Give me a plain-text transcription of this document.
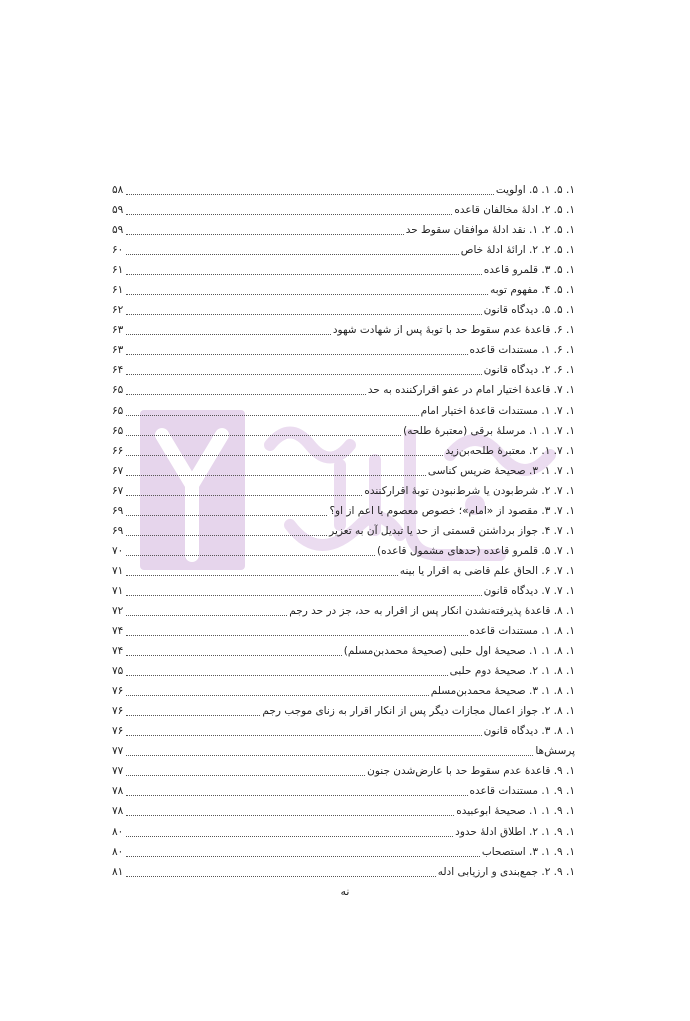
۱. ۵. ۱. ۵. اولویت
۵۸
۱. ۵. ۲. ادلهٔ مخالفان قاعده
۵۹
۱. ۵. ۲. ۱. نقد ادلهٔ موافقان سقوط حد
۵۹
۱. ۵. ۲. ۲. ارائهٔ ادلهٔ خاص
۶۰
۱. ۵. ۳. قلمرو قاعده
۶۱
۱. ۵. ۴. مفهوم توبه
۶۱
۱. ۵. ۵. دیدگاه قانون
۶۲
۱. ۶. قاعدهٔ عدم سقوط حد با توبهٔ پس از شهادت شهود
۶۳
۱. ۶. ۱. مستندات قاعده
۶۳
۱. ۶. ۲. دیدگاه قانون
۶۴
۱. ۷. قاعدهٔ اختیار امام در عفو اقرارکننده به حد
۶۵
۱. ۷. ۱. مستندات قاعدهٔ اختیار امام
۶۵
۱. ۷. ۱. ۱. مرسلهٔ برقی (معتبرهٔ طلحه)
۶۵
۱. ۷. ۱. ۲. معتبرهٔ طلحه‌بن‌زید
۶۶
۱. ۷. ۱. ۳. صحیحهٔ ضریس کناسی
۶۷
۱. ۷. ۲. شرط‌بودن یا شرط‌نبودن توبهٔ اقرارکننده
۶۷
۱. ۷. ۳. مقصود از «امام»؛ خصوص معصوم یا اعم از او؟
۶۹
۱. ۷. ۴. جواز برداشتن قسمتی از حد یا تبدیل آن به تعزیر
۶۹
۱. ۷. ۵. قلمرو قاعده (حدهای مشمول قاعده)
۷۰
۱. ۷. ۶. الحاق علم قاضی به اقرار یا بینه
۷۱
۱. ۷. ۷. دیدگاه قانون
۷۱
۱. ۸. قاعدهٔ پذیرفته‌نشدن انکار پس از اقرار به حد، جز در حد رجم
۷۲
۱. ۸. ۱. مستندات قاعده
۷۴
۱. ۸. ۱. ۱. صحیحهٔ اول حلبی (صحیحهٔ محمدبن‌مسلم)
۷۴
۱. ۸. ۱. ۲. صحیحهٔ دوم حلبی
۷۵
۱. ۸. ۱. ۳. صحیحهٔ محمدبن‌مسلم
۷۶
۱. ۸. ۲. جواز اعمال مجازات دیگر پس از انکار اقرار به زنای موجب رجم
۷۶
۱. ۸. ۳. دیدگاه قانون
۷۶
پرسش‌ها
۷۷
۱. ۹. قاعدهٔ عدم سقوط حد با عارض‌شدن جنون
۷۷
۱. ۹. ۱. مستندات قاعده
۷۸
۱. ۹. ۱. ۱. صحیحهٔ ابوعبیده
۷۸
۱. ۹. ۱. ۲. اطلاق ادلهٔ حدود
۸۰
۱. ۹. ۱. ۳. استصحاب
۸۰
۱. ۹. ۲. جمع‌بندی و ارزیابی ادله
۸۱
نه
